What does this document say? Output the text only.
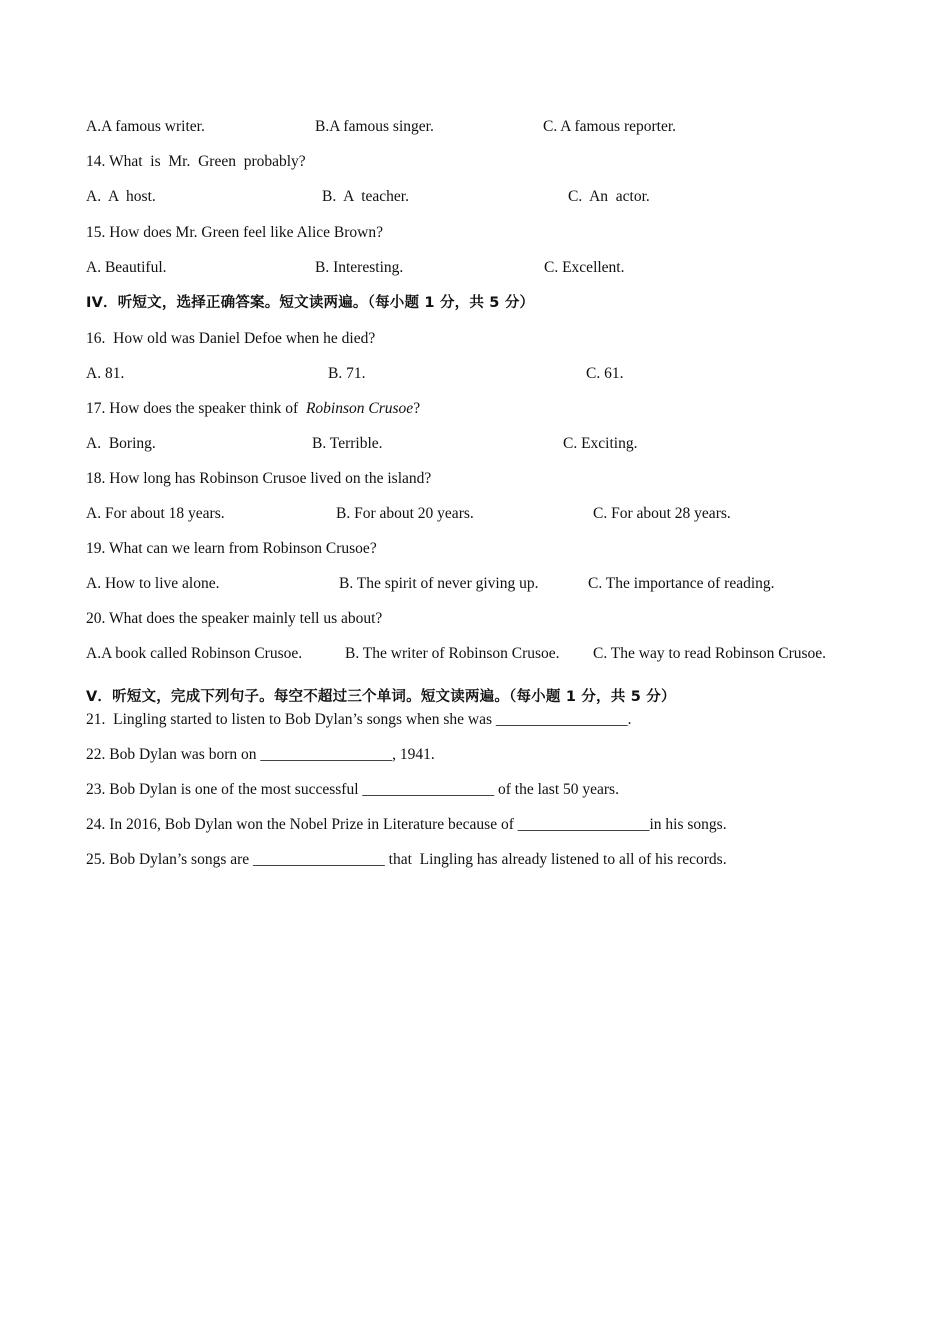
A.A famous writer.	B.A famous singer.	C. A famous reporter.
14. What  is  Mr.  Green  probably?
A.  A  host.	B.  A  teacher.	C.  An  actor.
15. How does Mr. Green feel like Alice Brown?
A. Beautiful.	B. Interesting.	C. Excellent.
IV．听短文，选择正确答案。短文读两遍。（每小题 1 分，共 5 分）
16.  How old was Daniel Defoe when he died?
A. 81.	B. 71.	C. 61.
17. How does the speaker think of  Robinson Crusoe?
A.  Boring.	B. Terrible.	C. Exciting.
18. How long has Robinson Crusoe lived on the island?
A. For about 18 years.	B. For about 20 years.	C. For about 28 years.
19. What can we learn from Robinson Crusoe?
A. How to live alone.	B. The spirit of never giving up.	C. The importance of reading.
20. What does the speaker mainly tell us about?
A.A book called Robinson Crusoe.	B. The writer of Robinson Crusoe. C. The way to read Robinson Crusoe.
V．听短文，完成下列句子。每空不超过三个单词。短文读两遍。（每小题 1 分，共 5 分）
21.  Lingling started to listen to Bob Dylan’s songs when she was _________________.
22. Bob Dylan was born on _________________, 1941.
23. Bob Dylan is one of the most successful _________________ of the last 50 years.
24. In 2016, Bob Dylan won the Nobel Prize in Literature because of _________________in his songs.
25. Bob Dylan’s songs are _________________ that  Lingling has already listened to all of his records.
